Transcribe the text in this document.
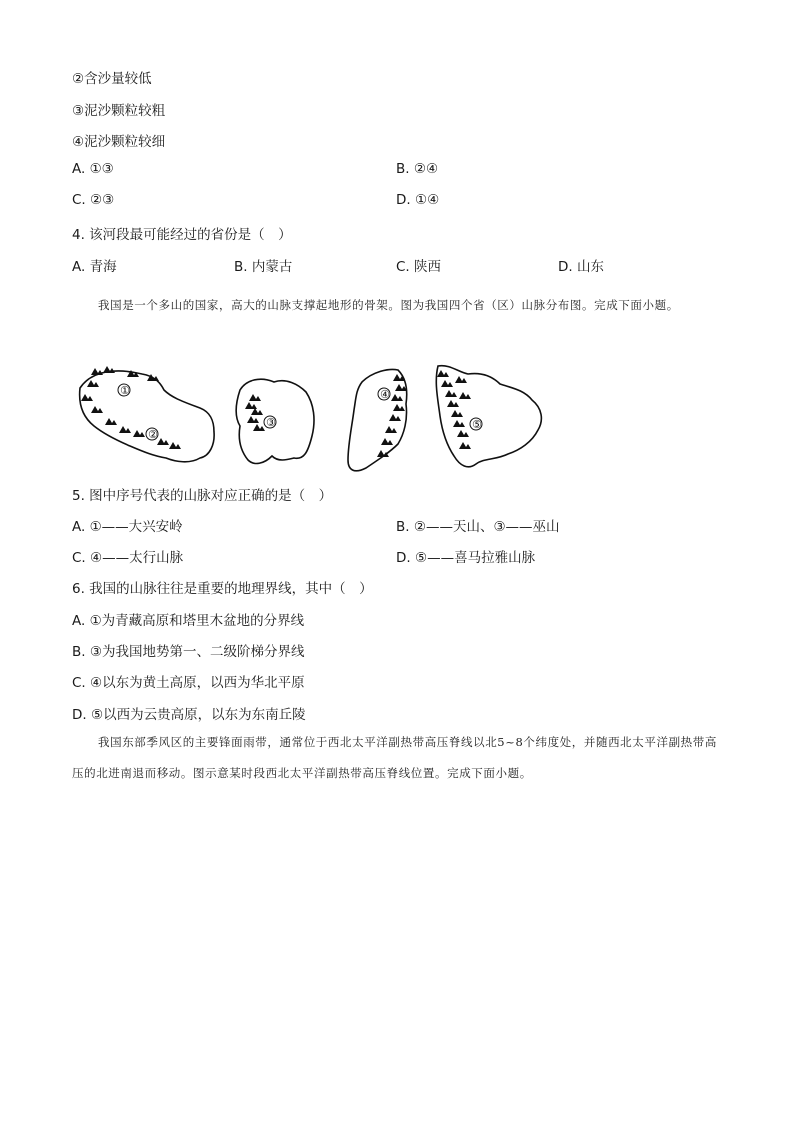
②含沙量较低
③泥沙颗粒较粗
④泥沙颗粒较细
A. ①③	B. ②④
C. ②③	D. ①④
4. 该河段最可能经过的省份是（　）
A. 青海	B. 内蒙古	C. 陕西	D. 山东
我国是一个多山的国家，高大的山脉支撑起地形的骨架。图为我国四个省（区）山脉分布图。完成下面小题。
①
②
③
④
⑤
5. 图中序号代表的山脉对应正确的是（　）
A. ①——大兴安岭	B. ②——天山、③——巫山
C. ④——太行山脉	D. ⑤——喜马拉雅山脉
6. 我国的山脉往往是重要的地理界线，其中（　）
A. ①为青藏高原和塔里木盆地的分界线
B. ③为我国地势第一、二级阶梯分界线
C. ④以东为黄土高原，以西为华北平原
D. ⑤以西为云贵高原，以东为东南丘陵
我国东部季风区的主要锋面雨带，通常位于西北太平洋副热带高压脊线以北5~8个纬度处，并随西北太平洋副热带高压的北进南退而移动。图示意某时段西北太平洋副热带高压脊线位置。完成下面小题。
